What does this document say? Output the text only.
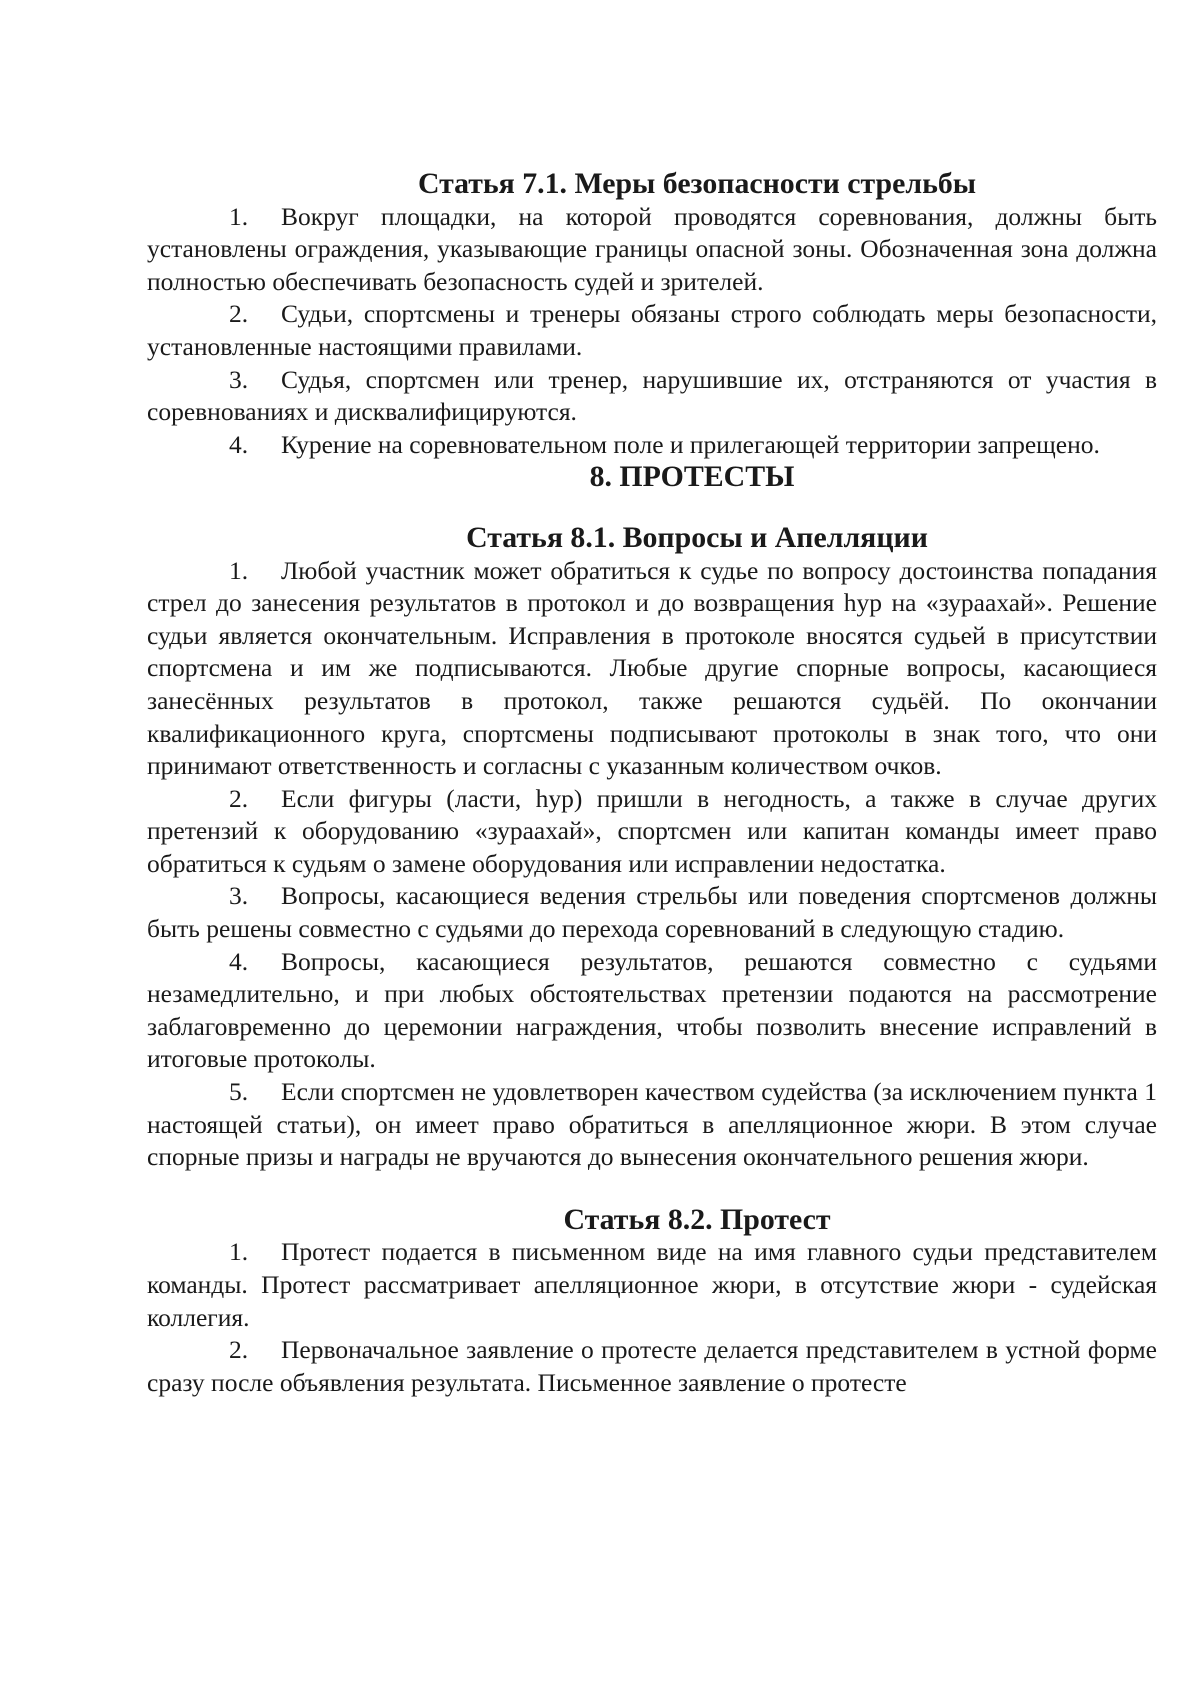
Статья 7.1. Меры безопасности стрельбы

1. Вокруг площадки, на которой проводятся соревнования, должны быть установлены ограждения, указывающие границы опасной зоны. Обозначенная зона должна полностью обеспечивать безопасность судей и зрителей.

2. Судьи, спортсмены и тренеры обязаны строго соблюдать меры безопасности, установленные настоящими правилами.

3. Судья, спортсмен или тренер, нарушившие их, отстраняются от участия в соревнованиях и дисквалифицируются.

4. Курение на соревновательном поле и прилегающей территории запрещено.

8. ПРОТЕСТЫ
Статья 8.1. Вопросы и Апелляции

1. Любой участник может обратиться к судье по вопросу достоинства попадания стрел до занесения результатов в протокол и до возвращения һур на «зураахай». Решение судьи является окончательным. Исправления в протоколе вносятся судьей в присутствии спортсмена и им же подписываются. Любые другие спорные вопросы, касающиеся занесённых результатов в протокол, также решаются судьёй. По окончании квалификационного круга, спортсмены подписывают протоколы в знак того, что они принимают ответственность и согласны с указанным количеством очков.

2. Если фигуры (ласти, һур) пришли в негодность, а также в случае других претензий к оборудованию «зураахай», спортсмен или капитан команды имеет право обратиться к судьям о замене оборудования или исправлении недостатка.

3. Вопросы, касающиеся ведения стрельбы или поведения спортсменов должны быть решены совместно с судьями до перехода соревнований в следующую стадию.

4. Вопросы, касающиеся результатов, решаются совместно с судьями незамедлительно, и при любых обстоятельствах претензии подаются на рассмотрение заблаговременно до церемонии награждения, чтобы позволить внесение исправлений в итоговые протоколы.

5. Если спортсмен не удовлетворен качеством судейства (за исключением пункта 1 настоящей статьи), он имеет право обратиться в апелляционное жюри. В этом случае спорные призы и награды не вручаются до вынесения окончательного решения жюри.

Статья 8.2. Протест

1. Протест подается в письменном виде на имя главного судьи представителем команды. Протест рассматривает апелляционное жюри, в отсутствие жюри - судейская коллегия.

2. Первоначальное заявление о протесте делается представителем в устной форме сразу после объявления результата. Письменное заявление о протесте
